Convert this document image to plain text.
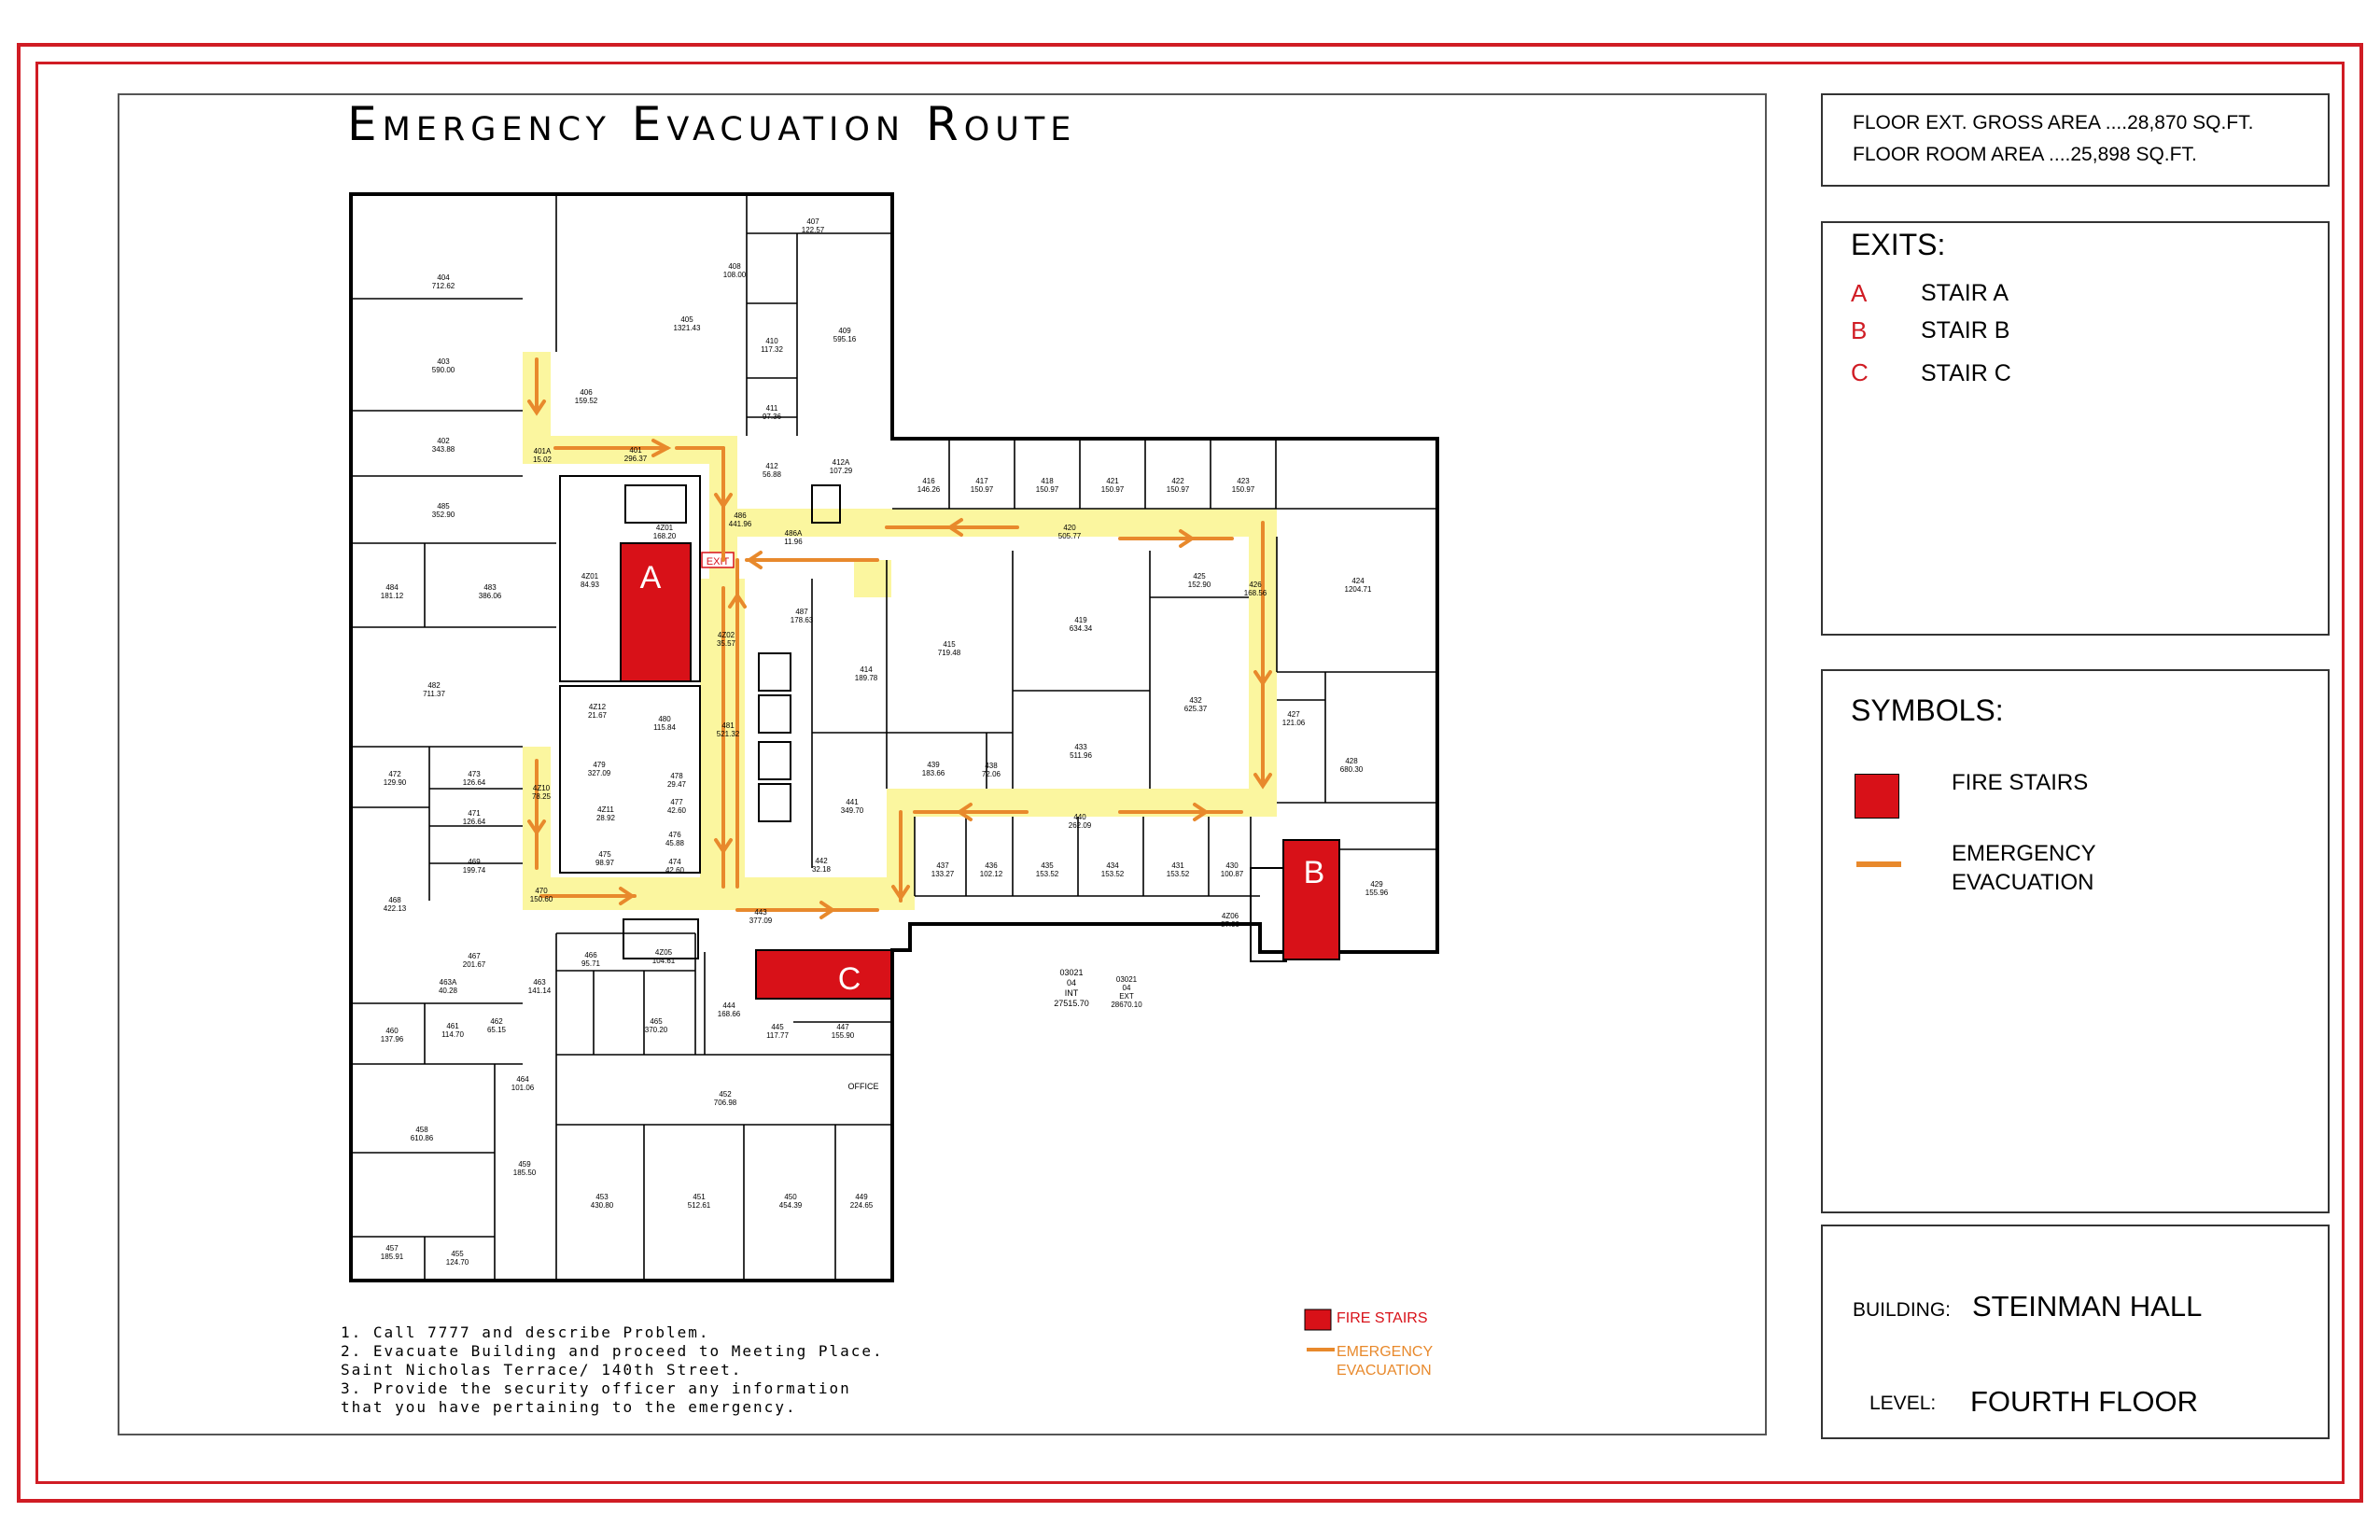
Emergency Evacuation Route
A
B
C
EXIT
404
712.62
405
1321.43
407
122.57
408
108.00
409
595.16
410
117.32
411
97.36
403
590.00
406
159.52
402
343.88	401A
15.02
401
296.37
412
56.88
412A
107.29
485
352.90
416
146.26
417
150.97
418
150.97
421
150.97
422
150.97
423
150.97
486
441.96
4Z01
168.20	486A
11.96
420
505.77
484
181.12
483
386.06
4Z01
84.93
425
152.90	426
168.56
424
1204.71
487
178.63
415
719.48
419
634.34
4Z02
35.57
414
189.78
482
711.37
432
625.37
4Z12
21.67	480
115.84	481
521.32
427
121.06
433
511.96
472
129.90
473
126.64
479
327.09	478
29.47
439
183.66
438
72.06
428
680.30
4Z10
78.25
477
42.60
441
349.70
471
126.64
4Z11
28.92	440
262.09
476
45.88
475
98.97	474
42.60
442
32.18
469
199.74
437
133.27
436
102.12
435
153.52
434
153.52
431
153.52
430
100.87
429
155.96
468
422.13
470
150.60
443
377.09
4Z06
87.00
467
201.67
466
95.71
4Z05
104.61
463A
40.28
463
141.14
444
168.66
462
65.15
465
370.20
460
137.96
461
114.70
445
117.77
447
155.90
464
101.06
452
706.98
458
610.86
459
185.50
453
430.80
451
512.61
450
454.39
449
224.65
457
185.91	455
124.70
03021
04
INT
27515.70
03021
04
EXT
28670.10
OFFICE
1. Call 7777 and describe Problem.
2. Evacuate Building and proceed to Meeting Place.
Saint Nicholas Terrace/ 140th Street.
3. Provide the security officer any information
that you have pertaining to the emergency.
FIRE STAIRS
EMERGENCY
EVACUATION
FLOOR EXT. GROSS AREA ....28,870 SQ.FT.
FLOOR ROOM AREA ....25,898 SQ.FT.
EXITS:
A STAIR A
B STAIR B
C STAIR C
SYMBOLS:
FIRE STAIRS
EMERGENCY
EVACUATION
BUILDING: STEINMAN HALL
LEVEL: FOURTH FLOOR
